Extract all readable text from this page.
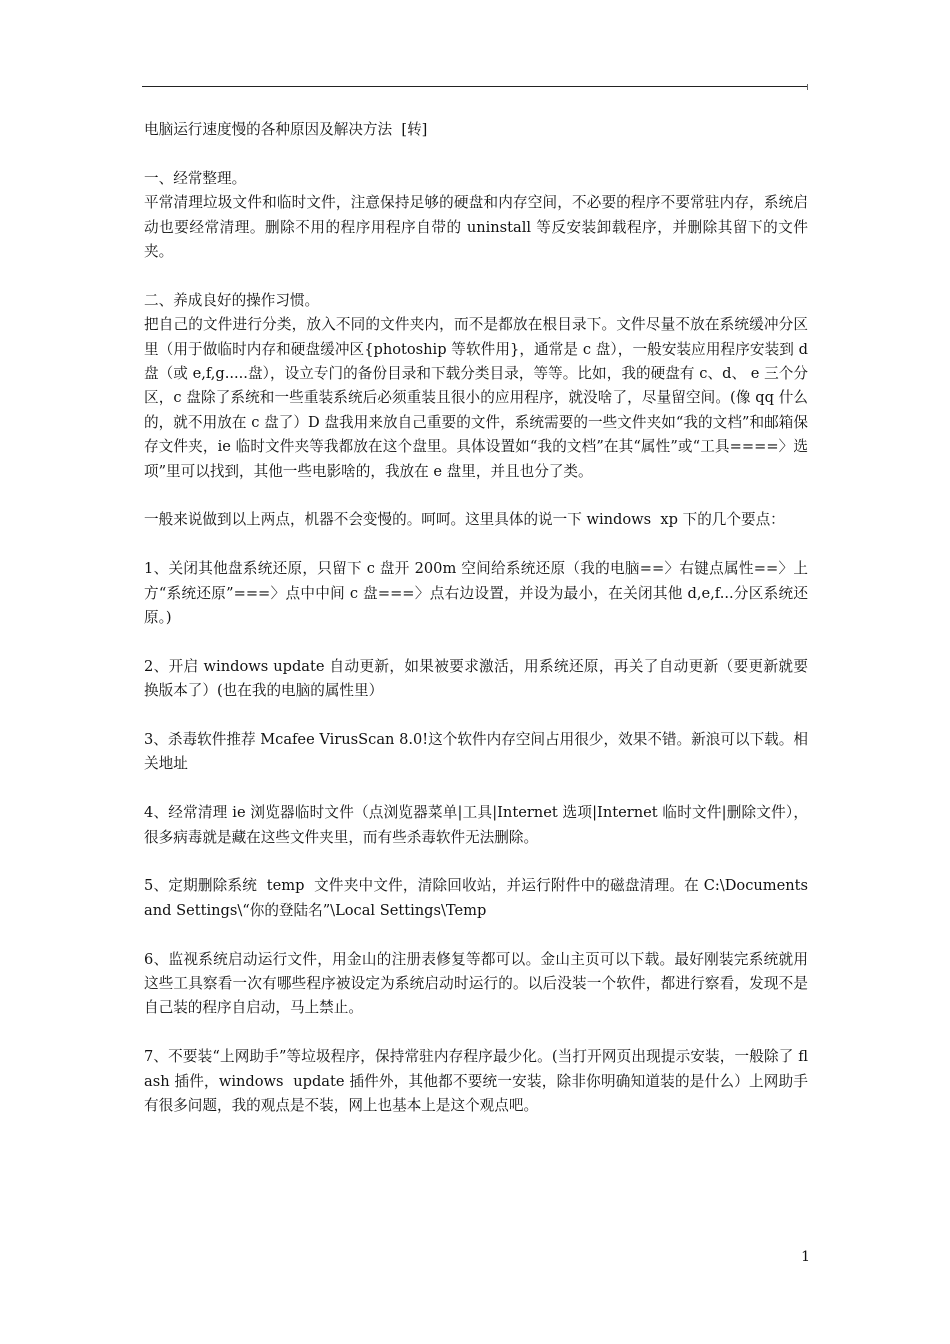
电脑运行速度慢的各种原因及解决方法  [转]

一、经常整理。

平常清理垃圾文件和临时文件，注意保持足够的硬盘和内存空间，不必要的程序不要常驻内存，系统启动也要经常清理。删除不用的程序用程序自带的 uninstall 等反安装卸载程序，并删除其留下的文件夹。

二、养成良好的操作习惯。

把自己的文件进行分类，放入不同的文件夹内，而不是都放在根目录下。文件尽量不放在系统缓冲分区里（用于做临时内存和硬盘缓冲区{photoship 等软件用}，通常是 c 盘），一般安装应用程序安装到 d 盘（或 e,f,g.....盘），设立专门的备份目录和下载分类目录，等等。比如，我的硬盘有 c、d、 e 三个分区，c 盘除了系统和一些重装系统后必须重装且很小的应用程序，就没啥了，尽量留空间。(像 qq 什么的，就不用放在 c 盘了）D 盘我用来放自己重要的文件，系统需要的一些文件夹如“我的文档”和邮箱保存文件夹，ie 临时文件夹等我都放在这个盘里。具体设置如“我的文档”在其“属性”或“工具====〉选项”里可以找到，其他一些电影啥的，我放在 e 盘里，并且也分了类。

一般来说做到以上两点，机器不会变慢的。呵呵。这里具体的说一下 windows  xp 下的几个要点：

1、关闭其他盘系统还原，只留下 c 盘开 200m 空间给系统还原（我的电脑==〉右键点属性==〉上方“系统还原”===〉点中中间 c 盘===〉点右边设置，并设为最小，在关闭其他 d,e,f...分区系统还原。)

2、开启 windows update 自动更新，如果被要求激活，用系统还原，再关了自动更新（要更新就要换版本了）(也在我的电脑的属性里）

3、杀毒软件推荐 Mcafee VirusScan 8.0!这个软件内存空间占用很少，效果不错。新浪可以下载。相关地址

4、经常清理 ie 浏览器临时文件（点浏览器菜单|工具|Internet 选项|Internet 临时文件|删除文件），很多病毒就是藏在这些文件夹里，而有些杀毒软件无法删除。

5、定期删除系统  temp  文件夹中文件，清除回收站，并运行附件中的磁盘清理。在 C:\Documents and Settings\“你的登陆名”\Local Settings\Temp

6、监视系统启动运行文件，用金山的注册表修复等都可以。金山主页可以下载。最好刚装完系统就用这些工具察看一次有哪些程序被设定为系统启动时运行的。以后没装一个软件，都进行察看，发现不是自己装的程序自启动，马上禁止。

7、不要装“上网助手”等垃圾程序，保持常驻内存程序最少化。(当打开网页出现提示安装，一般除了 flash 插件，windows  update 插件外，其他都不要统一安装，除非你明确知道装的是什么）上网助手有很多问题，我的观点是不装，网上也基本上是这个观点吧。

1
